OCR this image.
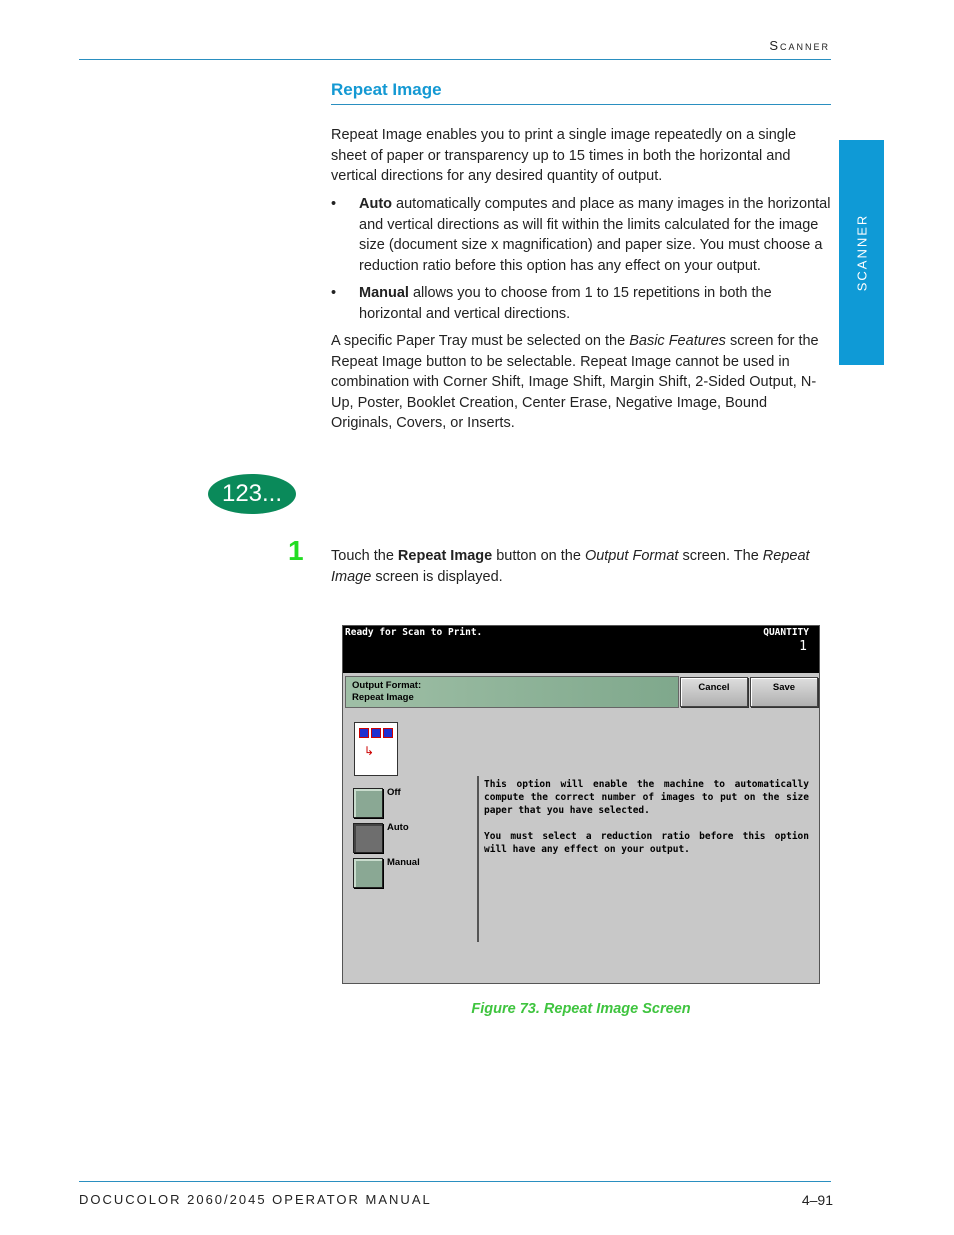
Scanner
SCANNER
Repeat Image
Repeat Image enables you to print a single image repeatedly on a single sheet of paper or transparency up to 15 times in both the horizontal and vertical directions for any desired quantity of output.
•	Auto automatically computes and place as many images in the horizontal and vertical directions as will fit within the limits calculated for the image size (document size x magnification) and paper size. You must choose a reduction ratio before this option has any effect on your output.
•	Manual allows you to choose from 1 to 15 repetitions in both the horizontal and vertical directions.
A specific Paper Tray must be selected on the Basic Features screen for the Repeat Image button to be selectable. Repeat Image cannot be used in combination with Corner Shift, Image Shift, Margin Shift, 2-Sided Output, N-Up, Poster, Booklet Creation, Center Erase, Negative Image, Bound Originals, Covers, or Inserts.
123...
1 Touch the Repeat Image button on the Output Format screen. The Repeat Image screen is displayed.
Ready for Scan to Print.	QUANTITY
1
Output Format:
Repeat Image
Cancel	Save
↳
Off
Auto
Manual
This option will enable the machine to automatically compute the correct number of images to put on the size paper that you have selected.
You must select a reduction ratio before this option will have any effect on your output.
Figure 73. Repeat Image Screen
DOCUCOLOR 2060/2045 OPERATOR MANUAL	4–91
